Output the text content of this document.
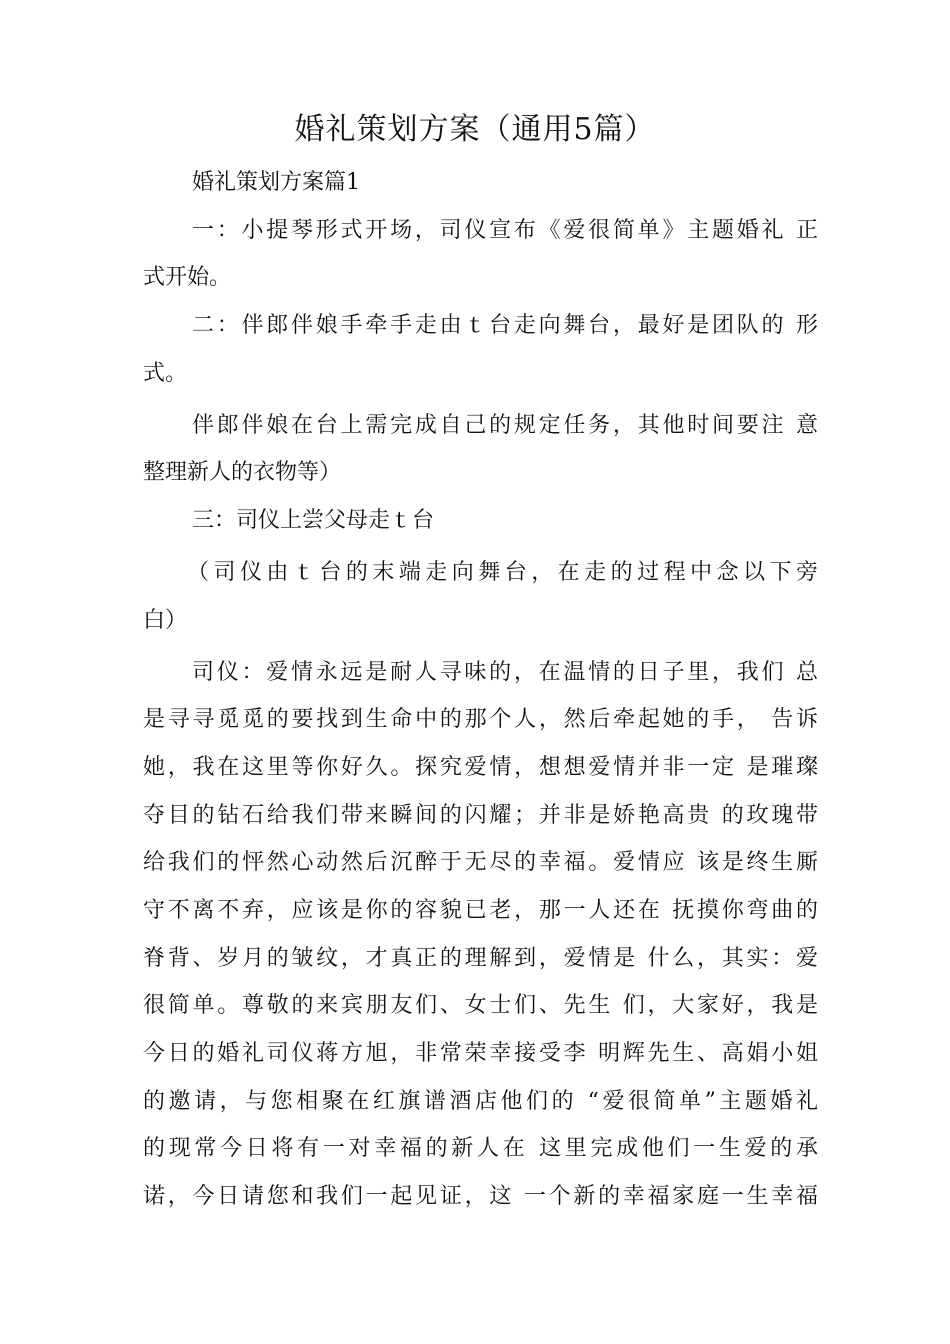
婚礼策划方案（通用5篇）
婚礼策划方案篇1
一：小提琴形式开场，司仪宣布《爱很简单》主题婚礼 正
式开始。
二：伴郎伴娘手牵手走由ｔ台走向舞台，最好是团队的 形
式。
伴郎伴娘在台上需完成自己的规定任务，其他时间要注 意
整理新人的衣物等）
三：司仪上尝父母走ｔ台
（司仪由ｔ台的末端走向舞台，在走的过程中念以下旁
白）
司仪：爱情永远是耐人寻味的，在温情的日子里，我们 总
是寻寻觅觅的要找到生命中的那个人，然后牵起她的手， 告诉
她，我在这里等你好久。探究爱情，想想爱情并非一定 是璀璨
夺目的钻石给我们带来瞬间的闪耀；并非是娇艳高贵 的玫瑰带
给我们的怦然心动然后沉醉于无尽的幸福。爱情应 该是终生厮
守不离不弃，应该是你的容貌已老，那一人还在 抚摸你弯曲的
脊背、岁月的皱纹，才真正的理解到，爱情是 什么，其实：爱
很简单。尊敬的来宾朋友们、女士们、先生 们，大家好，我是
今日的婚礼司仪蒋方旭，非常荣幸接受李 明辉先生、高娟小姐
的邀请，与您相聚在红旗谱酒店他们的 “爱很简单”主题婚礼
的现常今日将有一对幸福的新人在 这里完成他们一生爱的承
诺，今日请您和我们一起见证，这 一个新的幸福家庭一生幸福
